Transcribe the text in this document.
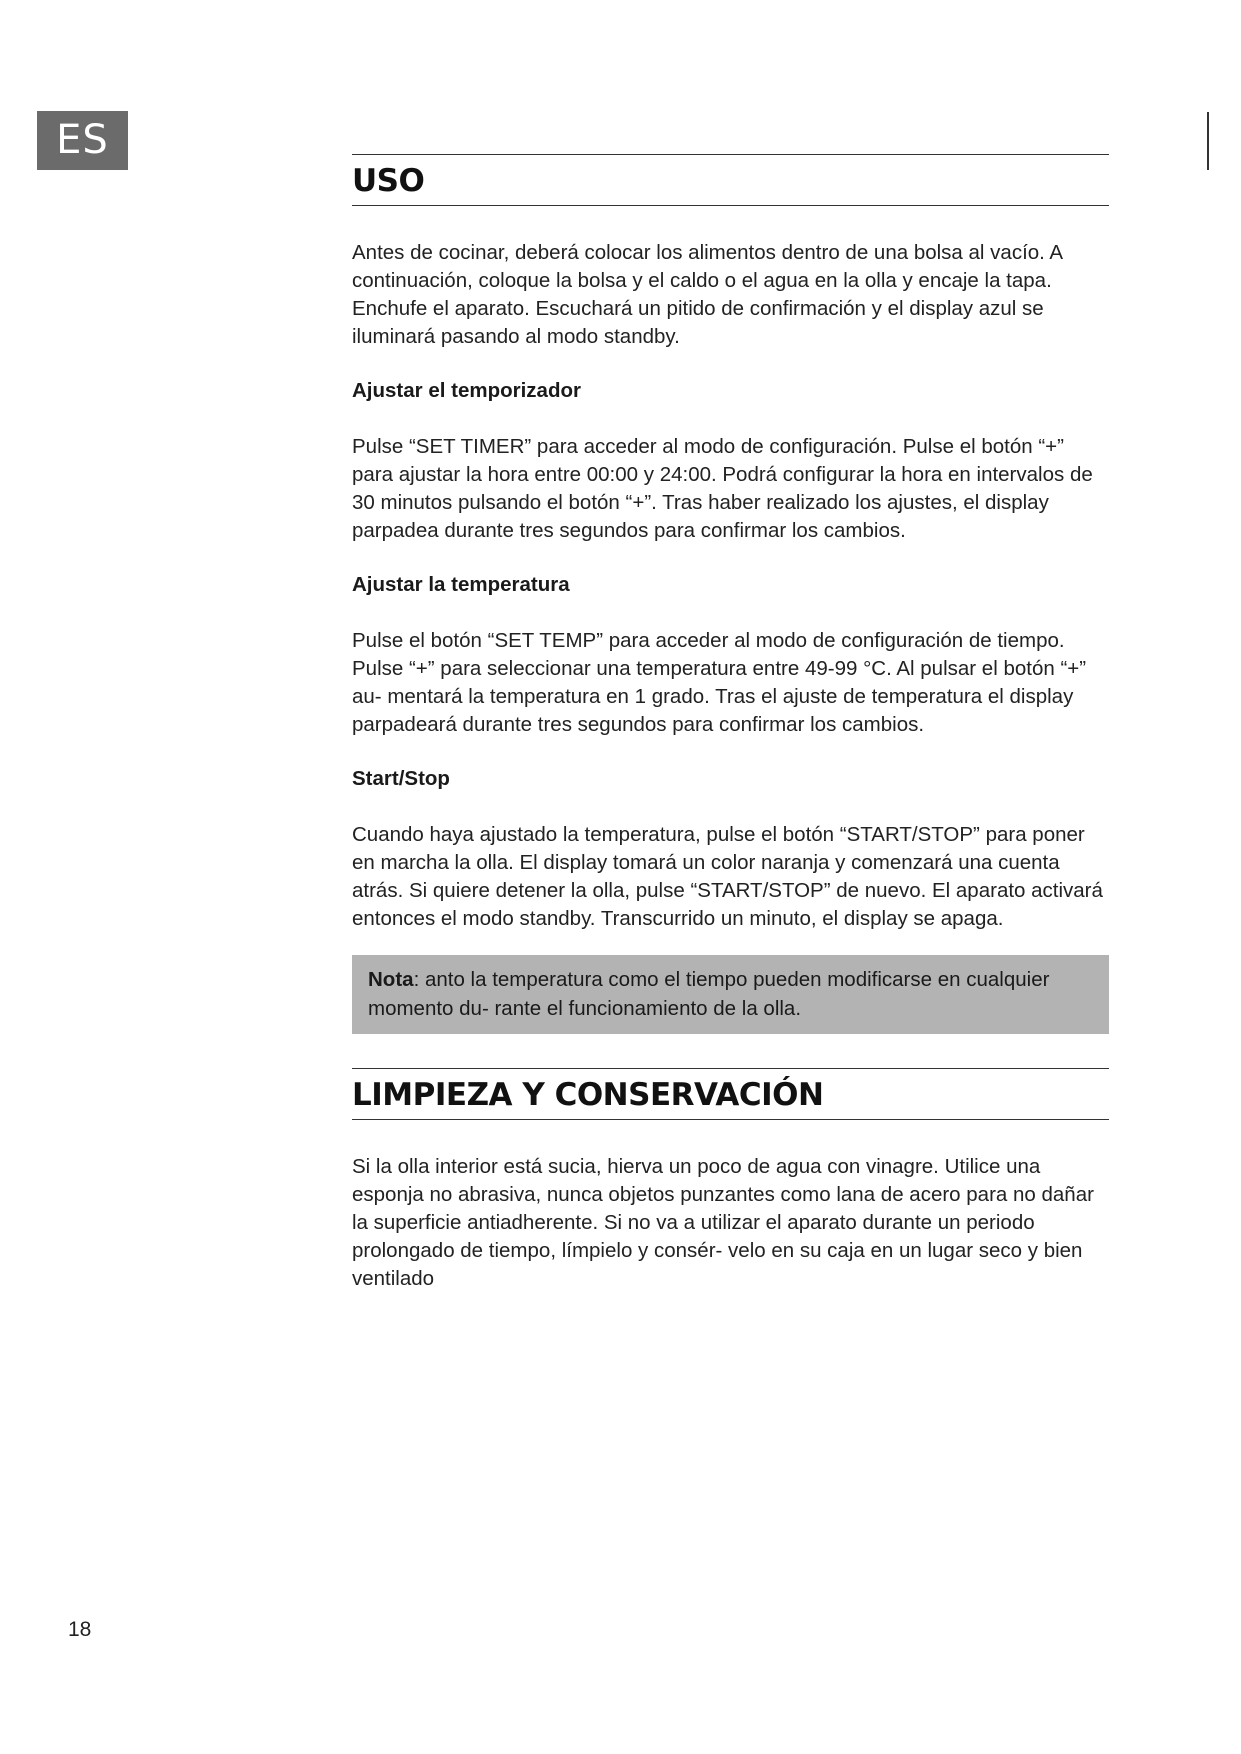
ES
USO

Antes de cocinar, deberá colocar los alimentos dentro de una bolsa al vacío. A continuación, coloque la bolsa y el caldo o el agua en la olla y encaje la tapa. Enchufe el aparato. Escuchará un pitido de confirmación y el display azul se iluminará pasando al modo standby.

Ajustar el temporizador

Pulse “SET TIMER” para acceder al modo de configuración. Pulse el botón “+” para ajustar la hora entre 00:00 y 24:00. Podrá configurar la hora en intervalos de 30 minutos pulsando el botón “+”. Tras haber realizado los ajustes, el display parpadea durante tres segundos para confirmar los cambios.

Ajustar la temperatura

Pulse el botón “SET TEMP” para acceder al modo de configuración de tiempo. Pulse “+” para seleccionar una temperatura entre 49-99 °C. Al pulsar el botón “+” au- mentará la temperatura en 1 grado. Tras el ajuste de temperatura el display parpadeará durante tres segundos para confirmar los cambios.

Start/Stop

Cuando haya ajustado la temperatura, pulse el botón “START/STOP” para poner en marcha la olla. El display tomará un color naranja y comenzará una cuenta atrás. Si quiere detener la olla, pulse “START/STOP” de nuevo. El aparato activará entonces el modo standby. Transcurrido un minuto, el display se apaga.

Nota: anto la temperatura como el tiempo pueden modificarse en cualquier momento du- rante el funcionamiento de la olla.
LIMPIEZA Y CONSERVACIÓN

Si la olla interior está sucia, hierva un poco de agua con vinagre. Utilice una esponja no abrasiva, nunca objetos punzantes como lana de acero para no dañar la superficie antiadherente. Si no va a utilizar el aparato durante un periodo prolongado de tiempo, límpielo y consér- velo en su caja en un lugar seco y bien ventilado

18
